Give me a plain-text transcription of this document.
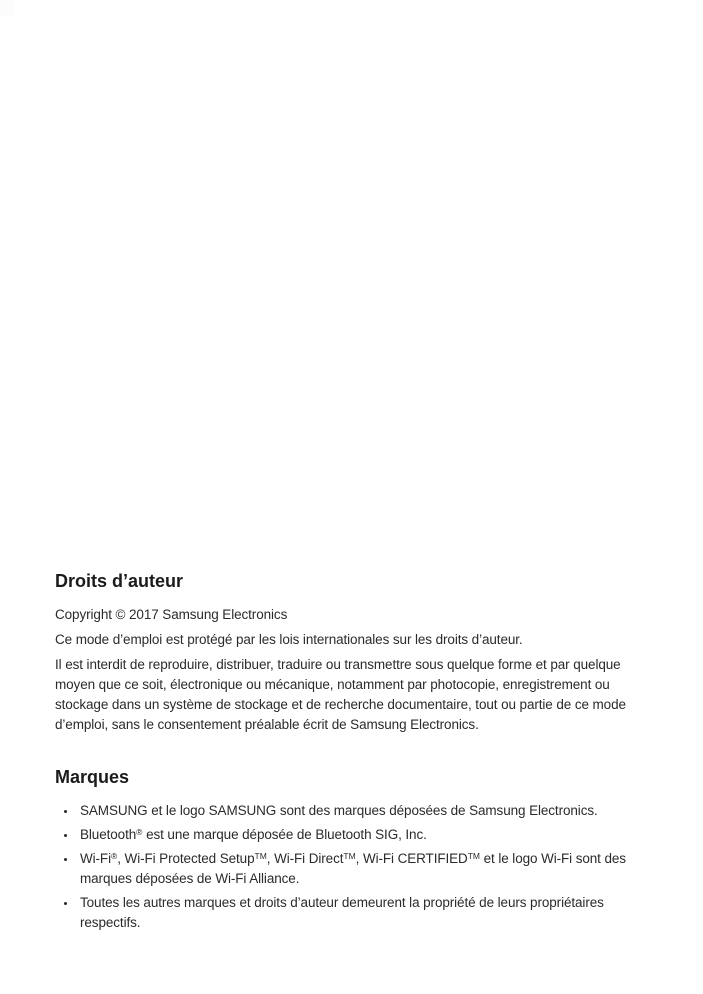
Droits d’auteur

Copyright © 2017 Samsung Electronics

Ce mode d’emploi est protégé par les lois internationales sur les droits d’auteur.

Il est interdit de reproduire, distribuer, traduire ou transmettre sous quelque forme et par quelque moyen que ce soit, électronique ou mécanique, notamment par photocopie, enregistrement ou stockage dans un système de stockage et de recherche documentaire, tout ou partie de ce mode d’emploi, sans le consentement préalable écrit de Samsung Electronics.

Marques
SAMSUNG et le logo SAMSUNG sont des marques déposées de Samsung Electronics.
Bluetooth® est une marque déposée de Bluetooth SIG, Inc.
Wi-Fi®, Wi-Fi Protected Setup™, Wi-Fi Direct™, Wi-Fi CERTIFIED™ et le logo Wi-Fi sont des marques déposées de Wi-Fi Alliance.
Toutes les autres marques et droits d’auteur demeurent la propriété de leurs propriétaires respectifs.
